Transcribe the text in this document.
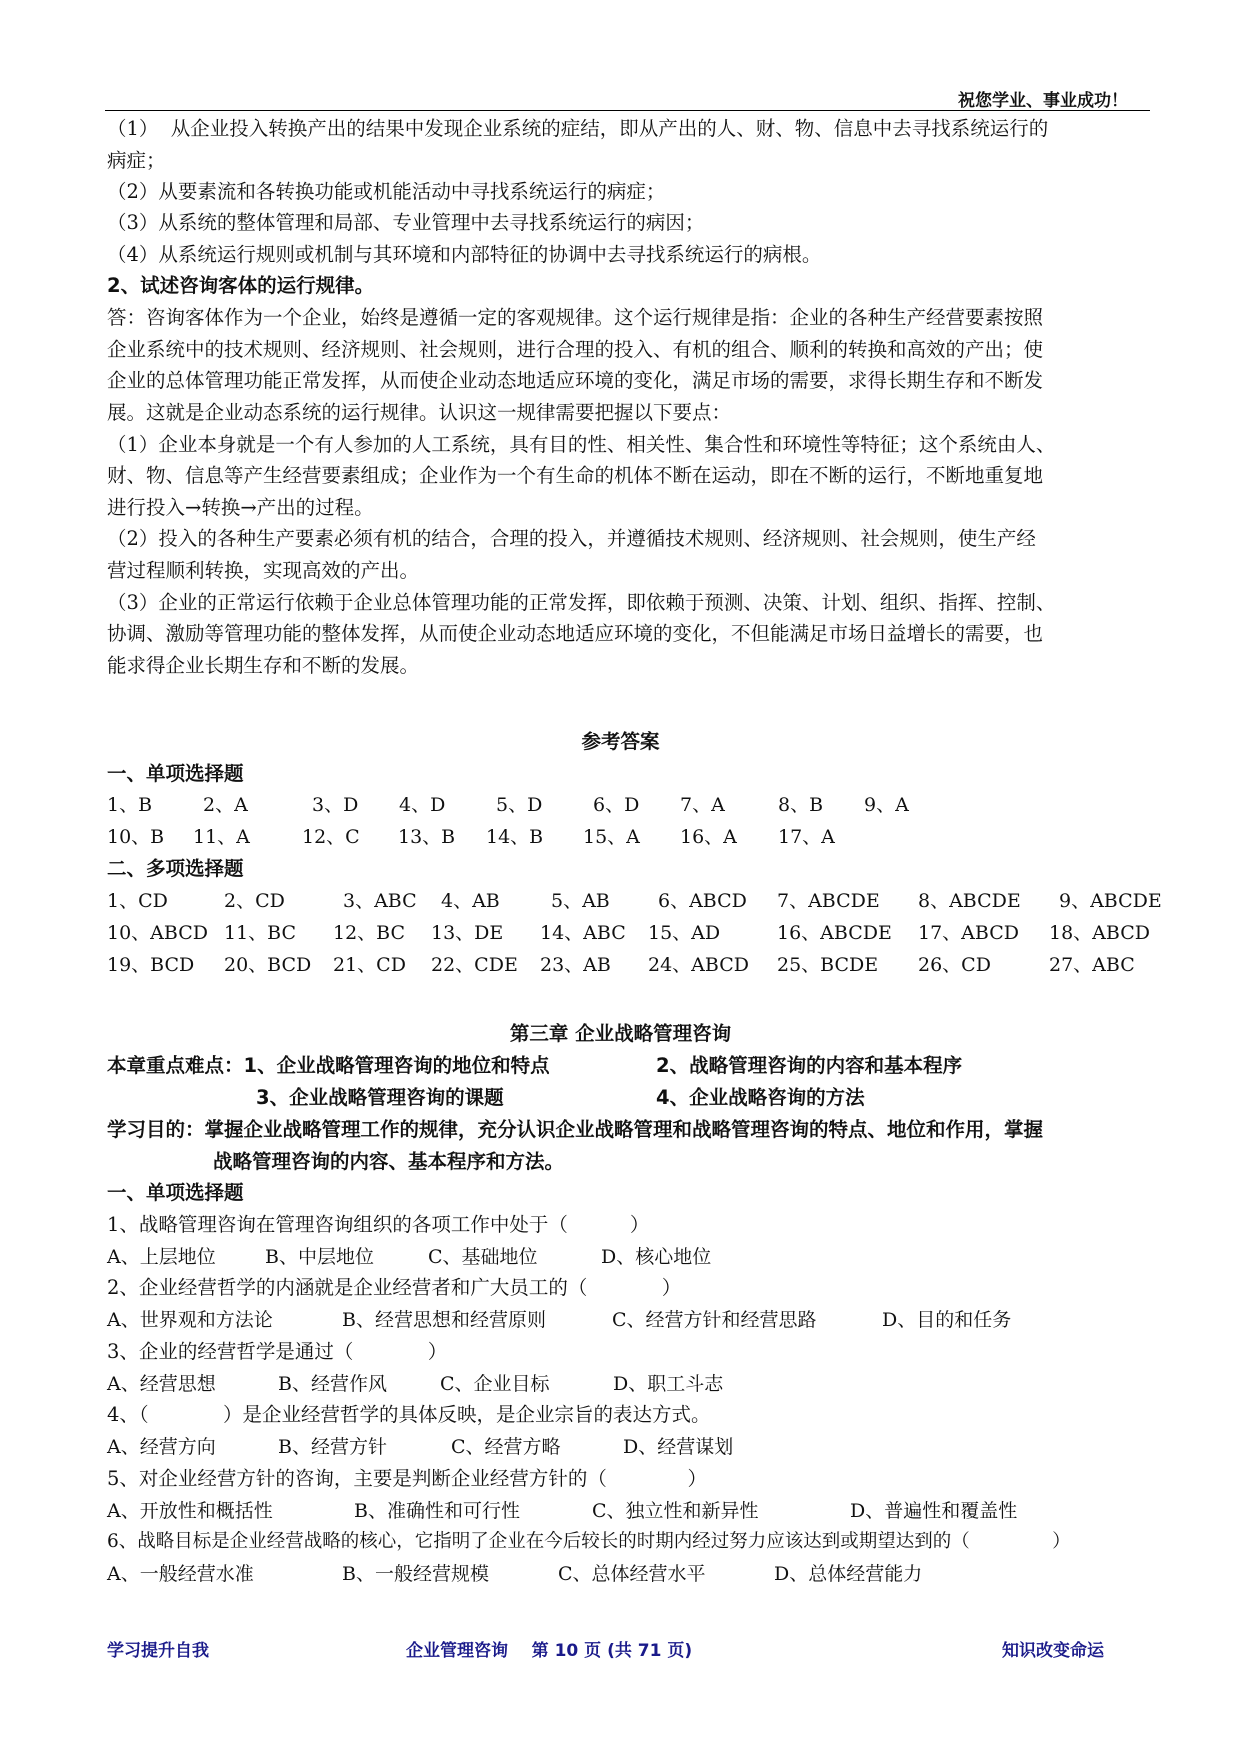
祝您学业、事业成功！
（1）  从企业投入转换产出的结果中发现企业系统的症结，即从产出的人、财、物、信息中去寻找系统运行的
病症；
（2）从要素流和各转换功能或机能活动中寻找系统运行的病症；
（3）从系统的整体管理和局部、专业管理中去寻找系统运行的病因；
（4）从系统运行规则或机制与其环境和内部特征的协调中去寻找系统运行的病根。
2、试述咨询客体的运行规律。
答：咨询客体作为一个企业，始终是遵循一定的客观规律。这个运行规律是指：企业的各种生产经营要素按照
企业系统中的技术规则、经济规则、社会规则，进行合理的投入、有机的组合、顺利的转换和高效的产出；使
企业的总体管理功能正常发挥，从而使企业动态地适应环境的变化，满足市场的需要，求得长期生存和不断发
展。这就是企业动态系统的运行规律。认识这一规律需要把握以下要点：
（1）企业本身就是一个有人参加的人工系统，具有目的性、相关性、集合性和环境性等特征；这个系统由人、
财、物、信息等产生经营要素组成；企业作为一个有生命的机体不断在运动，即在不断的运行，不断地重复地
进行投入→转换→产出的过程。
（2）投入的各种生产要素必须有机的结合，合理的投入，并遵循技术规则、经济规则、社会规则，使生产经
营过程顺利转换，实现高效的产出。
（3）企业的正常运行依赖于企业总体管理功能的正常发挥，即依赖于预测、决策、计划、组织、指挥、控制、
协调、激励等管理功能的整体发挥，从而使企业动态地适应环境的变化，不但能满足市场日益增长的需要，也
能求得企业长期生存和不断的发展。
参考答案
一、单项选择题
1、B	2、A	3、D 4、D	5、D	6、D 7、A	8、B 9、A
10、B 11、A	12、C 13、B 14、B 15、A 16、A 17、A
二、多项选择题
1、CD	2、CD	3、ABC 4、AB	5、AB	6、ABCD 7、ABCDE 8、ABCDE 9、ABCDE
10、ABCD 11、BC 12、BC 13、DE 14、ABC 15、AD	16、ABCDE 17、ABCD 18、ABCD
19、BCD 20、BCD 21、CD 22、CDE 23、AB 24、ABCD 25、BCDE 26、CD	27、ABC
第三章 企业战略管理咨询
本章重点难点：1、企业战略管理咨询的地位和特点	2、战略管理咨询的内容和基本程序
3、企业战略管理咨询的课题	4、企业战略咨询的方法
学习目的：掌握企业战略管理工作的规律，充分认识企业战略管理和战略管理咨询的特点、地位和作用，掌握
战略管理咨询的内容、基本程序和方法。
一、单项选择题
1、战略管理咨询在管理咨询组织的各项工作中处于（          ）
A、上层地位	B、中层地位	C、基础地位	D、核心地位
2、企业经营哲学的内涵就是企业经营者和广大员工的（            ）
A、世界观和方法论	B、经营思想和经营原则	C、经营方针和经营思路	D、目的和任务
3、企业的经营哲学是通过（            ）
A、经营思想	B、经营作风	C、企业目标	D、职工斗志
4、（            ）是企业经营哲学的具体反映，是企业宗旨的表达方式。
A、经营方向	B、经营方针	C、经营方略	D、经营谋划
5、对企业经营方针的咨询，主要是判断企业经营方针的（             ）
A、开放性和概括性	B、准确性和可行性	C、独立性和新异性	D、普遍性和覆盖性
6、战略目标是企业经营战略的核心，它指明了企业在今后较长的时期内经过努力应该达到或期望达到的（              ）
A、一般经营水准	B、一般经营规模	C、总体经营水平	D、总体经营能力
学习提升自我	企业管理咨询    第 10 页 (共 71 页)	知识改变命运
